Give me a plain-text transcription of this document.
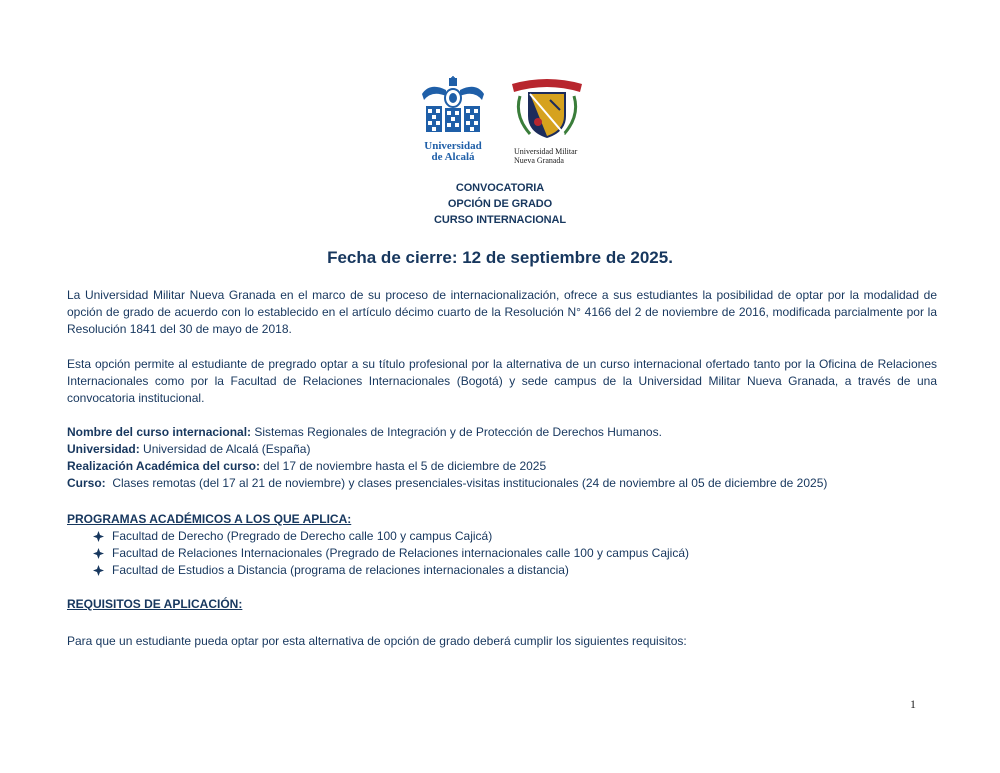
Universidad
de Alcalá	Universidad Militar
Nueva Granada
CONVOCATORIA
OPCIÓN DE GRADO
CURSO INTERNACIONAL
Fecha de cierre: 12 de septiembre de 2025.

La Universidad Militar Nueva Granada en el marco de su proceso de internacionalización, ofrece a sus estudiantes la posibilidad de optar por la modalidad de opción de grado de acuerdo con lo establecido en el artículo décimo cuarto de la Resolución N° 4166 del 2 de noviembre de 2016, modificada parcialmente por la Resolución 1841 del 30 de mayo de 2018.

Esta opción permite al estudiante de pregrado optar a su título profesional por la alternativa de un curso internacional ofertado tanto por la Oficina de Relaciones Internacionales como por la Facultad de Relaciones Internacionales (Bogotá) y sede campus de la Universidad Militar Nueva Granada, a través de una convocatoria institucional.

Nombre del curso internacional: Sistemas Regionales de Integración y de Protección de Derechos Humanos.
Universidad: Universidad de Alcalá (España)
Realización Académica del curso: del 17 de noviembre hasta el 5 de diciembre de 2025
Curso:  Clases remotas (del 17 al 21 de noviembre) y clases presenciales-visitas institucionales (24 de noviembre al 05 de diciembre de 2025)
PROGRAMAS ACADÉMICOS A LOS QUE APLICA:
Facultad de Derecho (Pregrado de Derecho calle 100 y campus Cajicá)
Facultad de Relaciones Internacionales (Pregrado de Relaciones internacionales calle 100 y campus Cajicá)
Facultad de Estudios a Distancia (programa de relaciones internacionales a distancia)
REQUISITOS DE APLICACIÓN:

Para que un estudiante pueda optar por esta alternativa de opción de grado deberá cumplir los siguientes requisitos:

1
